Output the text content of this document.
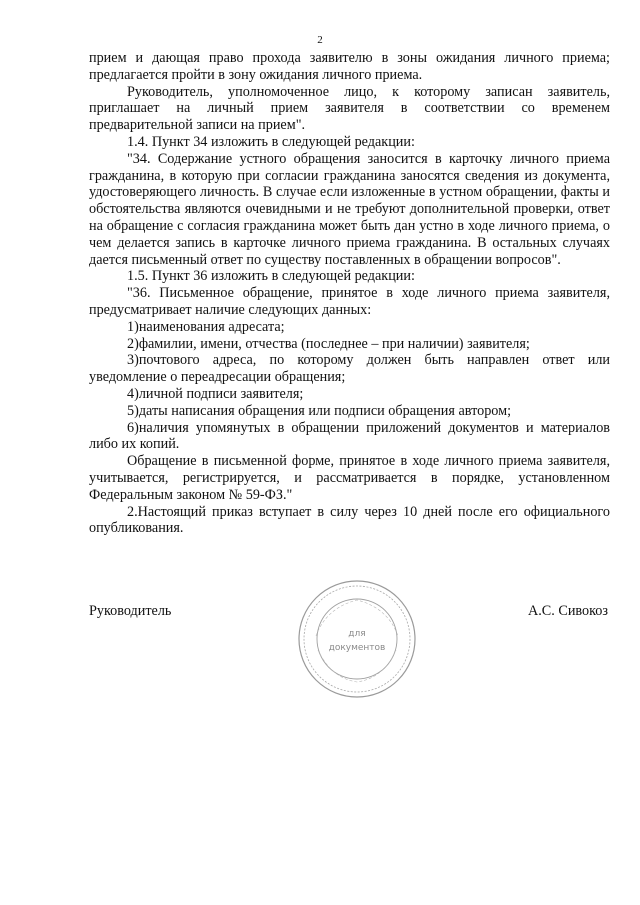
2

прием и дающая право прохода заявителю в зоны ожидания личного приема; предлагается пройти в зону ожидания личного приема.

Руководитель, уполномоченное лицо, к которому записан заявитель, приглашает на личный прием заявителя в соответствии со временем предварительной записи на прием".

1.4. Пункт 34 изложить в следующей редакции:

"34. Содержание устного обращения заносится в карточку личного приема гражданина, в которую при согласии гражданина заносятся сведения из документа, удостоверяющего личность. В случае если изложенные в устном обращении, факты и обстоятельства являются очевидными и не требуют дополнительной проверки, ответ на обращение с согласия гражданина может быть дан устно в ходе личного приема, о чем делается запись в карточке личного приема гражданина. В остальных случаях дается письменный ответ по существу поставленных в обращении вопросов".

1.5. Пункт 36 изложить в следующей редакции:

"36. Письменное обращение, принятое в ходе личного приема заявителя, предусматривает наличие следующих данных:

1)наименования адресата;

2)фамилии, имени, отчества (последнее – при наличии) заявителя;

3)почтового адреса, по которому должен быть направлен ответ или уведомление о переадресации обращения;

4)личной подписи заявителя;

5)даты написания обращения или подписи обращения автором;

6)наличия упомянутых в обращении приложений документов и материалов либо их копий.

Обращение в письменной форме, принятое в ходе личного приема заявителя, учитывается, регистрируется, и рассматривается в порядке, установленном Федеральным законом № 59-ФЗ."

2.Настоящий приказ вступает в силу через 10 дней после его официального опубликования.

Руководитель
для
документов
А.С. Сивокоз
